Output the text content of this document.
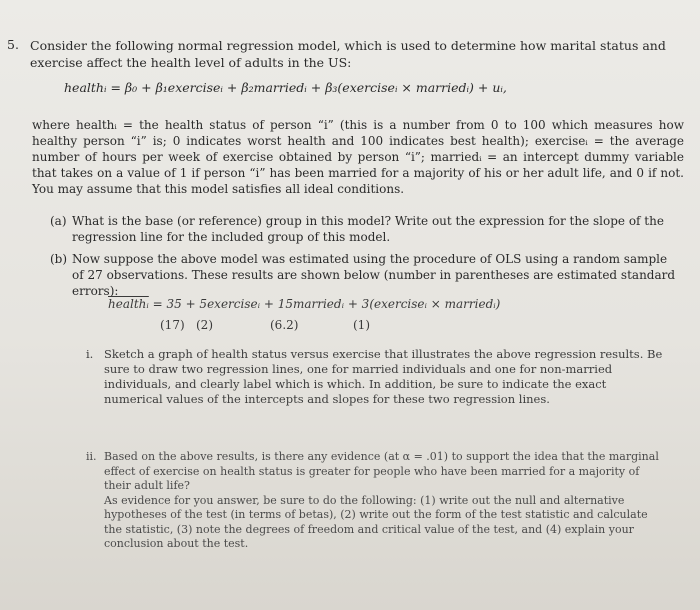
5. Consider the following normal regression model, which is used to determine how marital status and exercise affect the health level of adults in the US:
healthᵢ = β₀ + β₁exerciseᵢ + β₂marriedᵢ + β₃(exerciseᵢ × marriedᵢ) + uᵢ,
where healthᵢ = the health status of person “i” (this is a number from 0 to 100 which measures how healthy person “i” is; 0 indicates worst health and 100 indicates best health); exerciseᵢ = the average number of hours per week of exercise obtained by person “i”; marriedᵢ = an intercept dummy variable that takes on a value of 1 if person “i” has been married for a majority of his or her adult life, and 0 if not. You may assume that this model satisfies all ideal conditions.
(a) What is the base (or reference) group in this model? Write out the expression for the slope of the regression line for the included group of this model.
(b) Now suppose the above model was estimated using the procedure of OLS using a random sample of 27 observations. These results are shown below (number in parentheses are estimated standard errors):
healthᵢ = 35 + 5exerciseᵢ + 15marriedᵢ + 3(exerciseᵢ × marriedᵢ)
(17) (2)	(6.2)	(1)
i. Sketch a graph of health status versus exercise that illustrates the above regression results. Be sure to draw two regression lines, one for married individuals and one for non-married individuals, and clearly label which is which. In addition, be sure to indicate the exact numerical values of the intercepts and slopes for these two regression lines.
ii. Based on the above results, is there any evidence (at α = .01) to support the idea that the marginal effect of exercise on health status is greater for people who have been married for a majority of their adult life?
As evidence for you answer, be sure to do the following: (1) write out the null and alternative hypotheses of the test (in terms of betas), (2) write out the form of the test statistic and calculate the statistic, (3) note the degrees of freedom and critical value of the test, and (4) explain your conclusion about the test.
